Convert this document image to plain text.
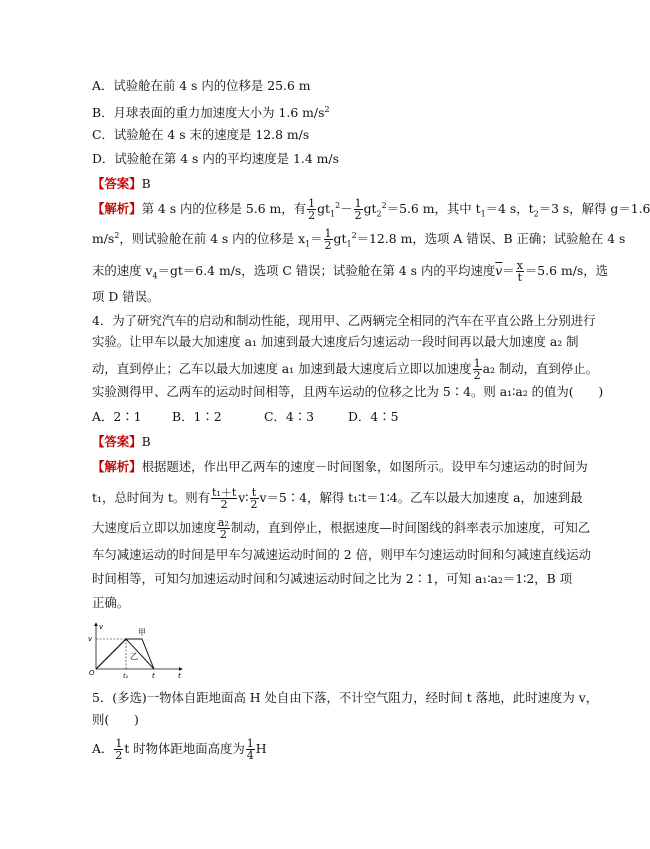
A．试验舱在前 4 s 内的位移是 25.6 m
B．月球表面的重力加速度大小为 1.6 $m/s^2$
C．试验舱在 4 s 末的速度是 12.8 m/s
D．试验舱在第 4 s 内的平均速度是 1.4 m/s
【答案】B
【解析】第 4 s 内的位移是 5.6 m，有 $\frac{1}{2} gt_1^2- \frac{1}{2} gt_2^2=5.6$ m，其中 $t_1=4$ s，$t_2=3$ s，解得 g＝1.6
$m/s^2$，则试验舱在前 4 s 内的位移是 $x_1= \frac{1}{2} gt_1^2=12.8$ m，选项 A 错误、B 正确；试验舱在 4 s
末的速度 $v_4=gt=6.4$ m/s，选项 C 错误；试验舱在第 4 s 内的平均速度$\overline{v}= \frac{x}{t} =5.6$ m/s，选
项 D 错误。
4．为了研究汽车的启动和制动性能，现用甲、乙两辆完全相同的汽车在平直公路上分别进行
实验。让甲车以最大加速度 a₁ 加速到最大速度后匀速运动一段时间再以最大加速度 a₂ 制
动，直到停止；乙车以最大加速度 a₁ 加速到最大速度后立即以加速度 $\frac{1}{2} a_2$ 制动，直到停止。
实验测得甲、乙两车的运动时间相等，且两车运动的位移之比为 5∶4。则 a₁∶a₂ 的值为(　　)
A．2∶1 B．1∶2	C．4∶3	D．4∶5
【答案】B
【解析】根据题述，作出甲乙两车的速度－时间图象，如图所示。设甲车匀速运动的时间为
t₁，总时间为 t。则有 $\frac{\text{t₁＋t}}{2}$ v∶ $\frac{t}{2}$ v＝5∶4，解得 t₁∶t＝1∶4。乙车以最大加速度 a，加速到最
大速度后立即以加速度 $\frac{\text{a₂}}{2}$ 制动，直到停止，根据速度—时间图线的斜率表示加速度，可知乙
车匀减速运动的时间是甲车匀减速运动时间的 2 倍，则甲车匀速运动时间和匀减速直线运动
时间相等，可知匀加速运动时间和匀减速运动时间之比为 2∶1，可知 a₁∶a₂＝1∶2，B 项
正确。
v
t
O
v
t₁	t
甲
乙
5．(多选)一物体自距地面高 H 处自由下落，不计空气阻力，经时间 t 落地，此时速度为 v，
则(　　)
A． $\frac{1}{2}$ t 时物体距地面高度为 $\frac{1}{4}$ H
